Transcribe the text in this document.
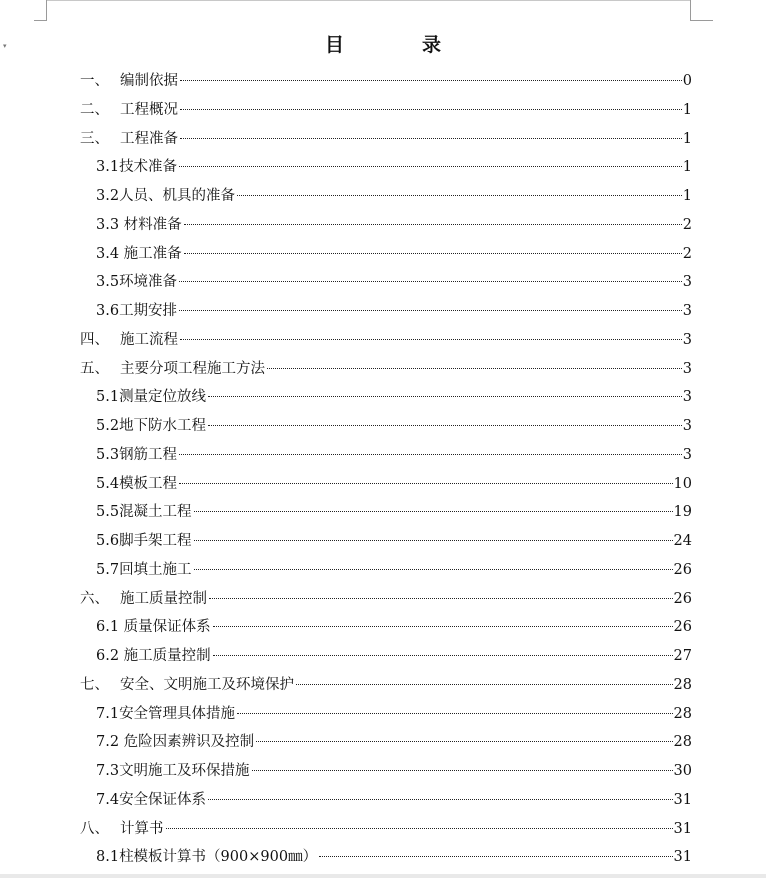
▾	目	录
一、 编制依据	0
二、 工程概况	1
三、 工程准备	1
3.1 技术准备	1
3.2 人员、机具的准备	1
3.3 材料准备	2
3.4 施工准备	2
3.5 环境准备	3
3.6 工期安排	3
四、 施工流程	3
五、 主要分项工程施工方法	3
5.1 测量定位放线	3
5.2 地下防水工程	3
5.3 钢筋工程	3
5.4 模板工程	10
5.5 混凝土工程	19
5.6 脚手架工程	24
5.7 回填土施工	26
六、 施工质量控制	26
6.1 质量保证体系	26
6.2 施工质量控制	27
七、 安全、文明施工及环境保护	28
7.1 安全管理具体措施	28
7.2 危险因素辨识及控制	28
7.3 文明施工及环保措施	30
7.4 安全保证体系	31
八、 计算书	31
8.1 柱模板计算书（900×900㎜）	31
